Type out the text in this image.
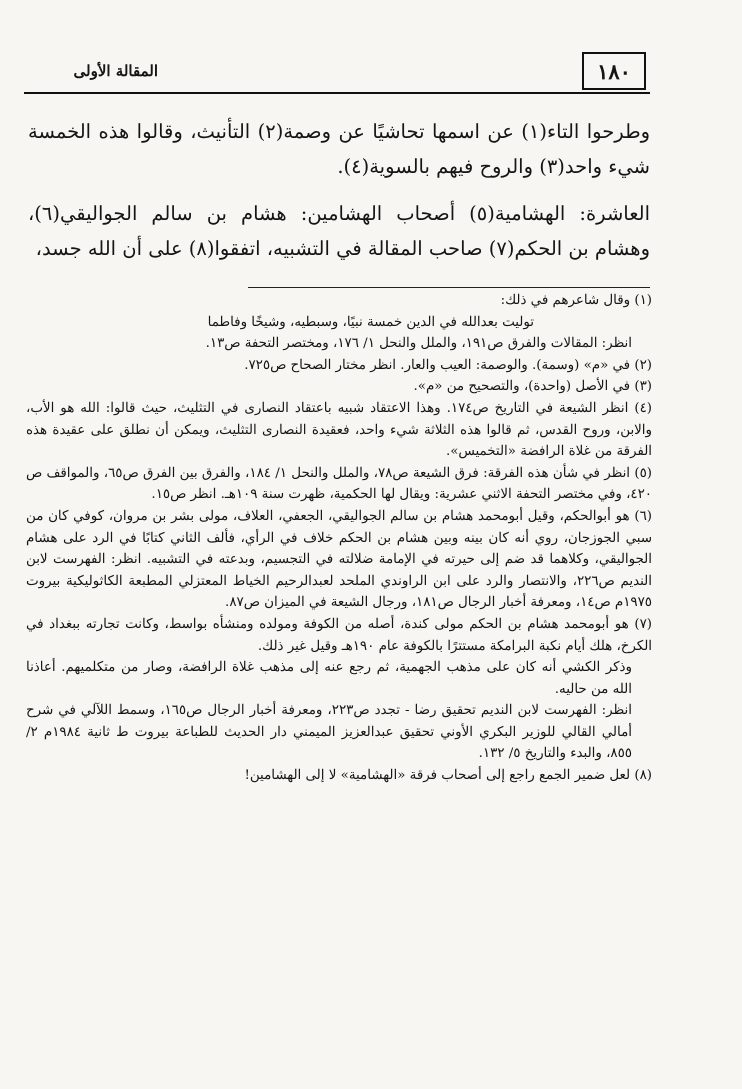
١٨٠
المقالة الأولى

وطرحوا التاء(١) عن اسمها تحاشيًا عن وصمة(٢) التأنيث، وقالوا هذه الخمسة شيء واحد(٣) والروح فيهم بالسوية(٤).

العاشرة: الهشامية(٥) أصحاب الهشامين: هشام بن سالم الجواليقي(٦)، وهشام بن الحكم(٧) صاحب المقالة في التشبيه، اتفقوا(٨) على أن الله جسد،

(١) وقال شاعرهم في ذلك:

توليت بعدالله في الدين خمسة نبيًا، وسبطيه، وشيخًا وفاطما

انظر: المقالات والفرق ص١٩١، والملل والنحل ١/ ١٧٦، ومختصر التحفة ص١٣.

(٢) في «م» (وسمة). والوصمة: العيب والعار. انظر مختار الصحاح ص٧٢٥.

(٣) في الأصل (واحدة)، والتصحيح من «م».

(٤) انظر الشيعة في التاريخ ص١٧٤. وهذا الاعتقاد شبيه باعتقاد النصارى في التثليث، حيث قالوا: الله هو الأب، والابن، وروح القدس، ثم قالوا هذه الثلاثة شيء واحد، فعقيدة النصارى التثليث، ويمكن أن نطلق على عقيدة هذه الفرقة من غلاة الرافضة «التخميس».

(٥) انظر في شأن هذه الفرقة: فرق الشيعة ص٧٨، والملل والنحل ١/ ١٨٤، والفرق بين الفرق ص٦٥، والمواقف ص ٤٢٠، وفي مختصر التحفة الاثني عشرية: ويقال لها الحكمية، ظهرت سنة ١٠٩هـ. انظر ص١٥.

(٦) هو أبوالحكم، وقيل أبومحمد هشام بن سالم الجواليقي، الجعفي، العلاف، مولى بشر بن مروان، كوفي كان من سبي الجوزجان، روي أنه كان بينه وبين هشام بن الحكم خلاف في الرأي، فألف الثاني كتابًا في الرد على هشام الجواليقي، وكلاهما قد ضم إلى حيرته في الإمامة ضلالته في التجسيم، وبدعته في التشبيه. انظر: الفهرست لابن النديم ص٢٢٦، والانتصار والرد على ابن الراوندي الملحد لعبدالرحيم الخياط المعتزلي المطبعة الكاثوليكية بيروت ١٩٧٥م ص١٤، ومعرفة أخبار الرجال ص١٨١، ورجال الشيعة في الميزان ص٨٧.

(٧) هو أبومحمد هشام بن الحكم مولى كندة، أصله من الكوفة ومولده ومنشأه بواسط، وكانت تجارته ببغداد في الكرخ، هلك أيام نكبة البرامكة مستترًا بالكوفة عام ١٩٠هـ وقيل غير ذلك.

وذكر الكشي أنه كان على مذهب الجهمية، ثم رجع عنه إلى مذهب غلاة الرافضة، وصار من متكلميهم. أعاذنا الله من حاليه.

انظر: الفهرست لابن النديم تحقيق رضا - تجدد ص٢٢٣، ومعرفة أخبار الرجال ص١٦٥، وسمط اللآلي في شرح أمالي القالي للوزير البكري الأوني تحقيق عبدالعزيز الميمني دار الحديث للطباعة بيروت ط ثانية ١٩٨٤م ٢/ ٨٥٥، والبدء والتاريخ ٥/ ١٣٢.

(٨) لعل ضمير الجمع راجع إلى أصحاب فرقة «الهشامية» لا إلى الهشامين!
